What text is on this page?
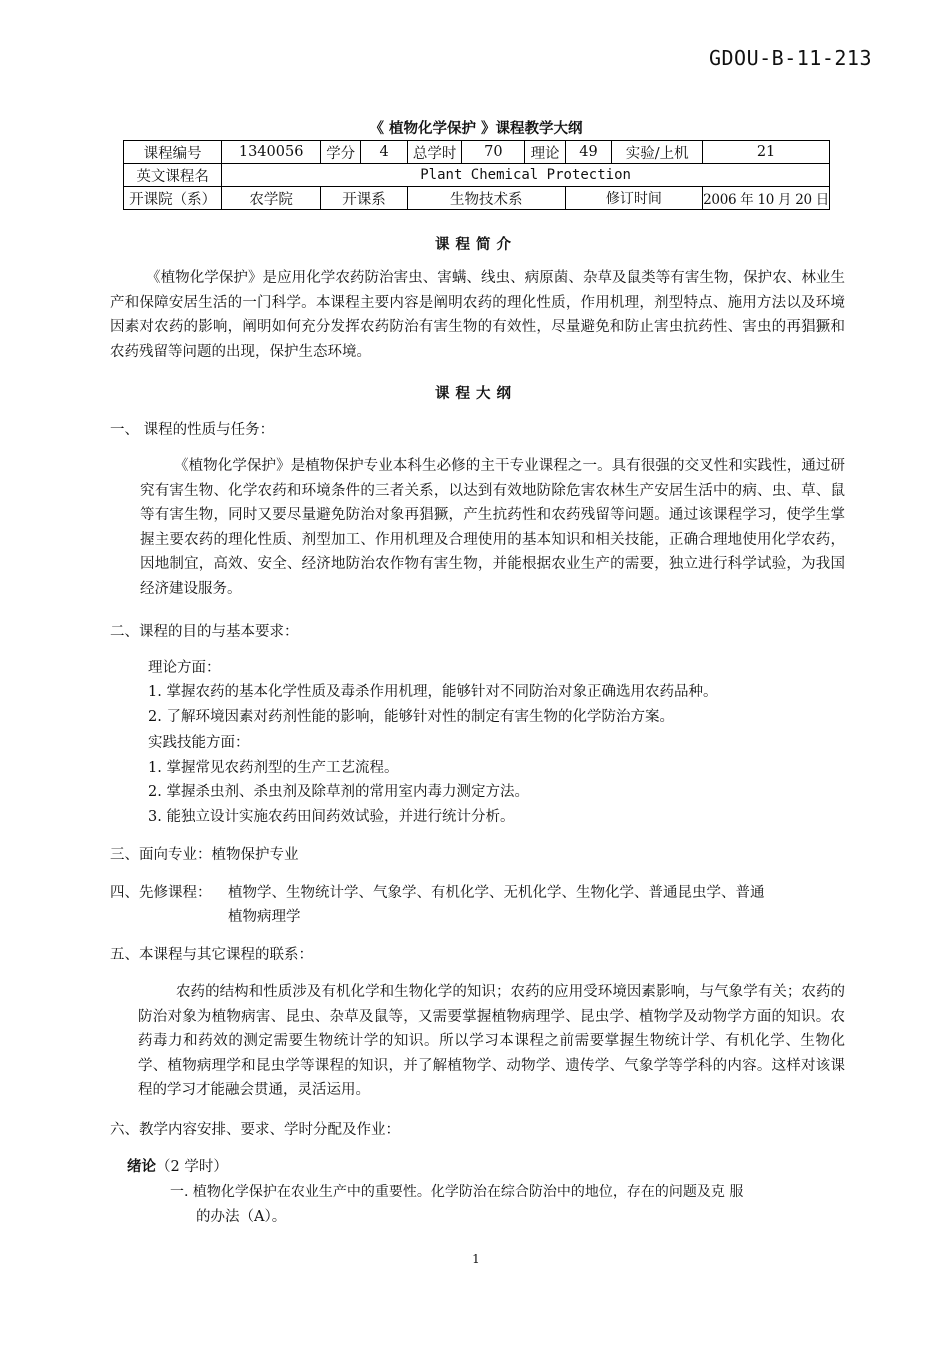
GDOU-B-11-213
《 植物化学保护 》课程教学大纲
课程编号	1340056	学分	4	总学时	70	理论	49	实验/上机	21
英文课程名	Plant Chemical Protection								
开课院（系）	农学院	开课系		生物技术系			修订时间		2006 年 10 月 20 日
课程简介
《植物化学保护》是应用化学农药防治害虫、害螨、线虫、病原菌、杂草及鼠类等有害生物，保护农、林业生产和保障安居生活的一门科学。本课程主要内容是阐明农药的理化性质，作用机理，剂型特点、施用方法以及环境因素对农药的影响，阐明如何充分发挥农药防治有害生物的有效性，尽量避免和防止害虫抗药性、害虫的再猖獗和农药残留等问题的出现，保护生态环境。
课程大纲
一、 课程的性质与任务：
《植物化学保护》是植物保护专业本科生必修的主干专业课程之一。具有很强的交叉性和实践性，通过研究有害生物、化学农药和环境条件的三者关系，以达到有效地防除危害农林生产安居生活中的病、虫、草、鼠等有害生物，同时又要尽量避免防治对象再猖獗，产生抗药性和农药残留等问题。通过该课程学习，使学生掌握主要农药的理化性质、剂型加工、作用机理及合理使用的基本知识和相关技能，正确合理地使用化学农药，因地制宜，高效、安全、经济地防治农作物有害生物，并能根据农业生产的需要，独立进行科学试验，为我国经济建设服务。
二、课程的目的与基本要求：
理论方面：
1. 掌握农药的基本化学性质及毒杀作用机理，能够针对不同防治对象正确选用农药品种。
2. 了解环境因素对药剂性能的影响，能够针对性的制定有害生物的化学防治方案。
实践技能方面：
1. 掌握常见农药剂型的生产工艺流程。
2. 掌握杀虫剂、杀虫剂及除草剂的常用室内毒力测定方法。
3. 能独立设计实施农药田间药效试验，并进行统计分析。
三、面向专业：植物保护专业
四、先修课程： 植物学、生物统计学、气象学、有机化学、无机化学、生物化学、普通昆虫学、普通
植物病理学
五、本课程与其它课程的联系：
农药的结构和性质涉及有机化学和生物化学的知识；农药的应用受环境因素影响，与气象学有关；农药的防治对象为植物病害、昆虫、杂草及鼠等，又需要掌握植物病理学、昆虫学、植物学及动物学方面的知识。农药毒力和药效的测定需要生物统计学的知识。所以学习本课程之前需要掌握生物统计学、有机化学、生物化学、植物病理学和昆虫学等课程的知识，并了解植物学、动物学、遗传学、气象学等学科的内容。这样对该课程的学习才能融会贯通，灵活运用。
六、教学内容安排、要求、学时分配及作业：
绪论（2 学时）
一. 植物化学保护在农业生产中的重要性。化学防治在综合防治中的地位，存在的问题及克 服
的办法（A）。
1
